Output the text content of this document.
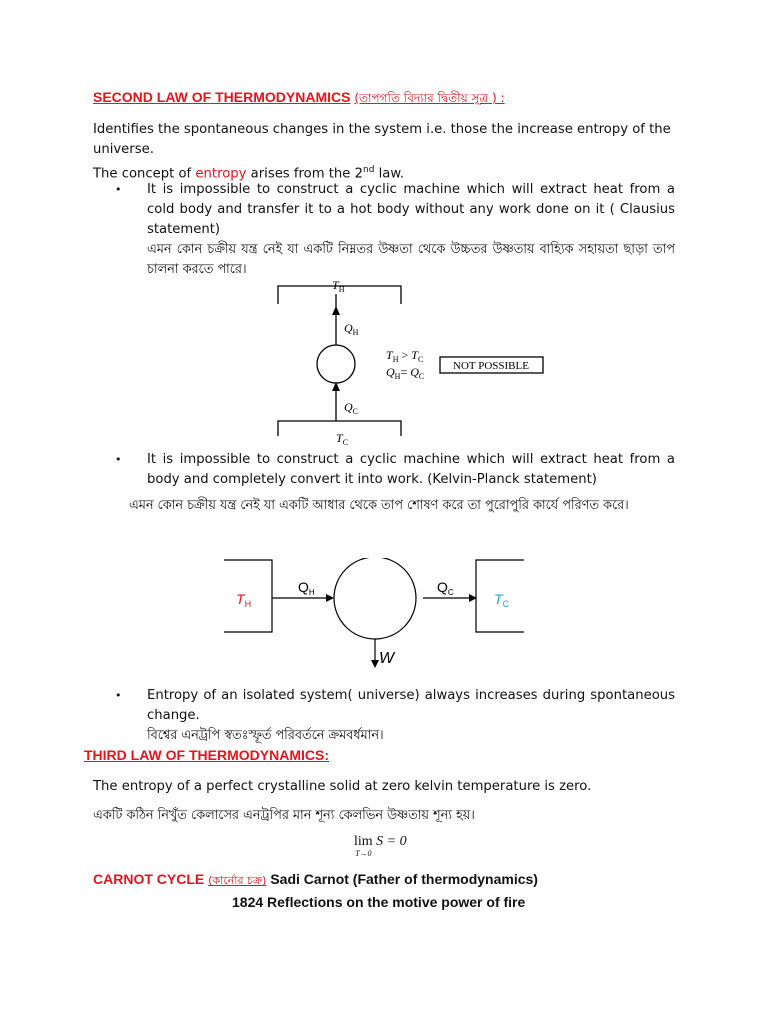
SECOND LAW OF THERMODYNAMICS (তাপগতি বিদ্যার দ্বিতীয় সূত্র ) :
Identifies the spontaneous changes in the system i.e. those the increase entropy of the universe.
The concept of entropy arises from the 2nd law.
• It is impossible to construct a cyclic machine which will extract heat from a cold body and transfer it to a hot body without any work done on it ( Clausius statement)
এমন কোন চক্রীয় যন্ত্র নেই যা একটি নিম্নতর উষ্ণতা থেকে উচ্চতর উষ্ণতায় বাহ্যিক সহায়তা ছাড়া তাপ চালনা করতে পারে।
$T_H$
$Q_H$
$Q_C$
$T_C$
$T_H > T_C$
$Q_H= Q_C$
NOT POSSIBLE
• It is impossible to construct a cyclic machine which will extract heat from a body and completely convert it into work. (Kelvin-Planck statement)
এমন কোন চক্রীয় যন্ত্র নেই যা একটি আধার থেকে তাপ শোষণ করে তা পুরোপুরি কার্যে পরিণত করে।
$T_H$	$T_C$
$Q_H$	$Q_C$
W
• Entropy of an isolated system( universe) always increases during spontaneous change.
বিশ্বের এনট্রপি স্বতঃস্ফূর্ত পরিবর্তনে ক্রমবর্ধমান।
THIRD LAW OF THERMODYNAMICS:
The entropy of a perfect crystalline solid at zero kelvin temperature is zero.
একটি কঠিন নিখুঁত কেলাসের এনট্রপির মান শূন্য কেলভিন উষ্ণতায় শূন্য হয়।
lim

T→0
S = 0
CARNOT CYCLE (কার্নোর চক্র) Sadi Carnot (Father of thermodynamics)
1824 Reflections on the motive power of fire
